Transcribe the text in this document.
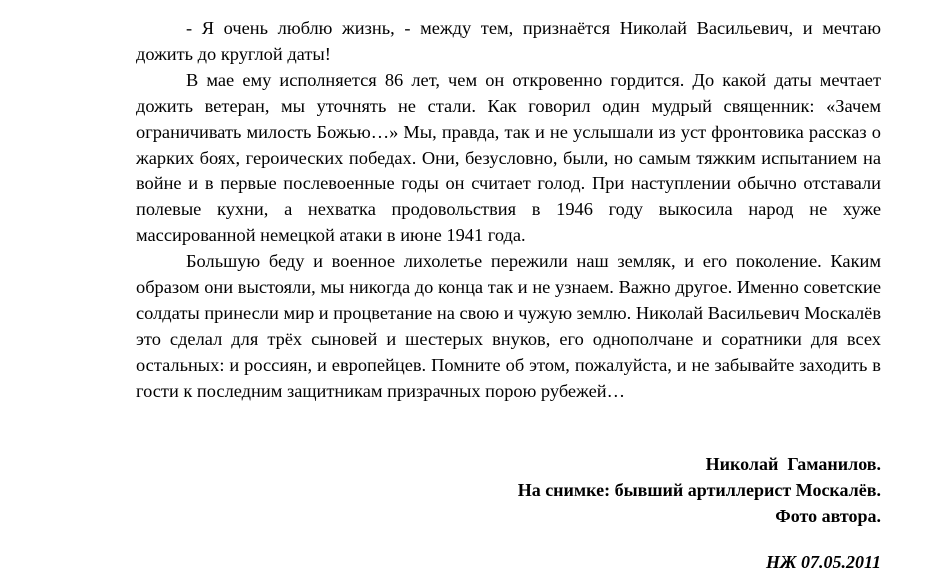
- Я очень люблю жизнь, - между тем, признаётся Николай Васильевич, и мечтаю дожить до круглой даты!

В мае ему исполняется 86 лет, чем он откровенно гордится. До какой даты мечтает дожить ветеран, мы уточнять не стали. Как говорил один мудрый священник: «Зачем ограничивать милость Божью…» Мы, правда, так и не услышали из уст фронтовика рассказ о жарких боях, героических победах. Они, безусловно, были, но самым тяжким испытанием на войне и в первые послевоенные годы он считает голод. При наступлении обычно отставали полевые кухни, а нехватка продовольствия в 1946 году выкосила народ не хуже массированной немецкой атаки в июне 1941 года.

Большую беду и военное лихолетье пережили наш земляк, и его поколение. Каким образом они выстояли, мы никогда до конца так и не узнаем. Важно другое. Именно советские солдаты принесли мир и процветание на свою и чужую землю. Николай Васильевич Москалёв это сделал для трёх сыновей и шестерых внуков, его однополчане и соратники для всех остальных: и россиян, и европейцев. Помните об этом, пожалуйста, и не забывайте заходить в гости к последним защитникам призрачных порою рубежей…

Николай  Гаманилов.
На снимке: бывший артиллерист Москалёв.
Фото автора.
НЖ 07.05.2011
